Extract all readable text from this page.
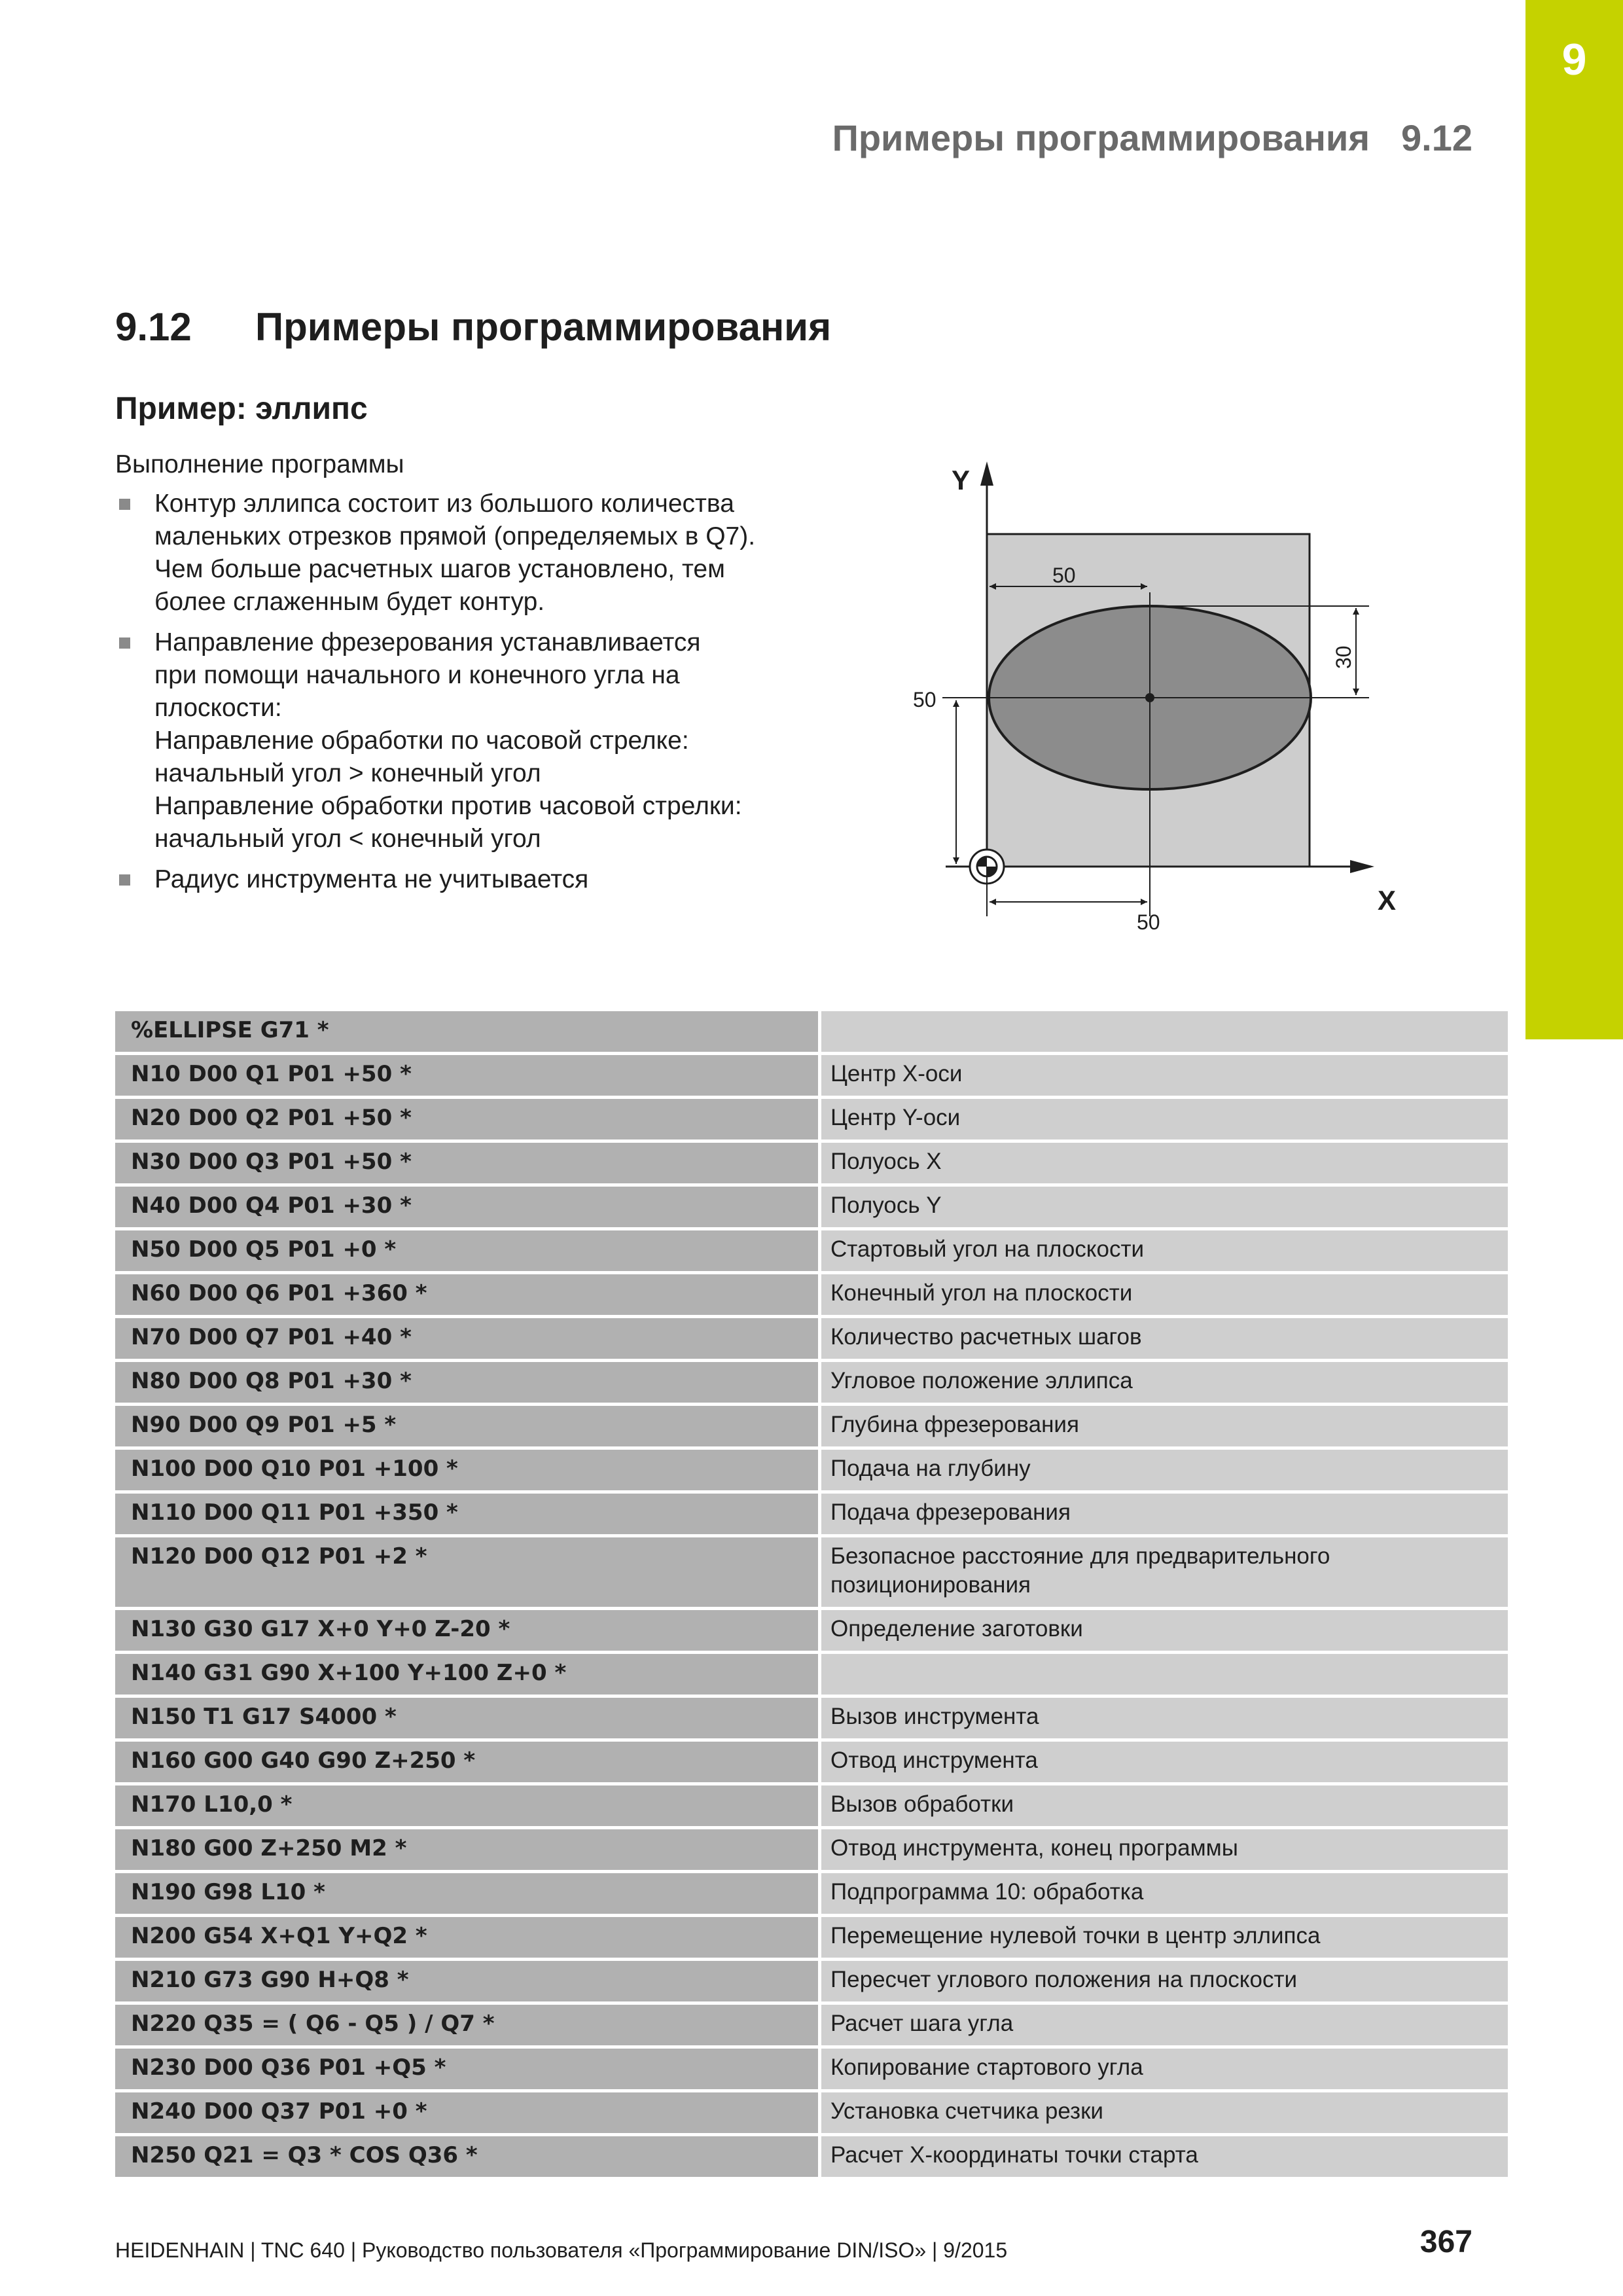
9
Примеры программирования 9.12
9.12 Примеры программирования
Пример: эллипс
Выполнение программы
Контур эллипса состоит из большого количества
маленьких отрезков прямой (определяемых в Q7).
Чем больше расчетных шагов установлено, тем
более сглаженным будет контур.
Направление фрезерования устанавливается
при помощи начального и конечного угла на
плоскости:
Направление обработки по часовой стрелке:
начальный угол > конечный угол
Направление обработки против часовой стрелки:
начальный угол < конечный угол
Радиус инструмента не учитывается
Y
X
50
30
50
50
%ELLIPSE G71 *	
N10 D00 Q1 P01 +50 *	Центр X-оси
N20 D00 Q2 P01 +50 *	Центр Y-оси
N30 D00 Q3 P01 +50 *	Полуось X
N40 D00 Q4 P01 +30 *	Полуось Y
N50 D00 Q5 P01 +0 *	Стартовый угол на плоскости
N60 D00 Q6 P01 +360 *	Конечный угол на плоскости
N70 D00 Q7 P01 +40 *	Количество расчетных шагов
N80 D00 Q8 P01 +30 *	Угловое положение эллипса
N90 D00 Q9 P01 +5 *	Глубина фрезерования
N100 D00 Q10 P01 +100 *	Подача на глубину
N110 D00 Q11 P01 +350 *	Подача фрезерования
N120 D00 Q12 P01 +2 *	Безопасное расстояние для предварительного позиционирования
N130 G30 G17 X+0 Y+0 Z-20 *	Определение заготовки
N140 G31 G90 X+100 Y+100 Z+0 *	
N150 T1 G17 S4000 *	Вызов инструмента
N160 G00 G40 G90 Z+250 *	Отвод инструмента
N170 L10,0 *	Вызов обработки
N180 G00 Z+250 M2 *	Отвод инструмента, конец программы
N190 G98 L10 *	Подпрограмма 10: обработка
N200 G54 X+Q1 Y+Q2 *	Перемещение нулевой точки в центр эллипса
N210 G73 G90 H+Q8 *	Пересчет углового положения на плоскости
N220 Q35 = ( Q6 - Q5 ) / Q7 *	Расчет шага угла
N230 D00 Q36 P01 +Q5 *	Копирование стартового угла
N240 D00 Q37 P01 +0 *	Установка счетчика резки
N250 Q21 = Q3 * COS Q36 *	Расчет X-координаты точки старта
HEIDENHAIN | TNC 640 | Руководство пользователя «Программирование DIN/ISO» | 9/2015	367
